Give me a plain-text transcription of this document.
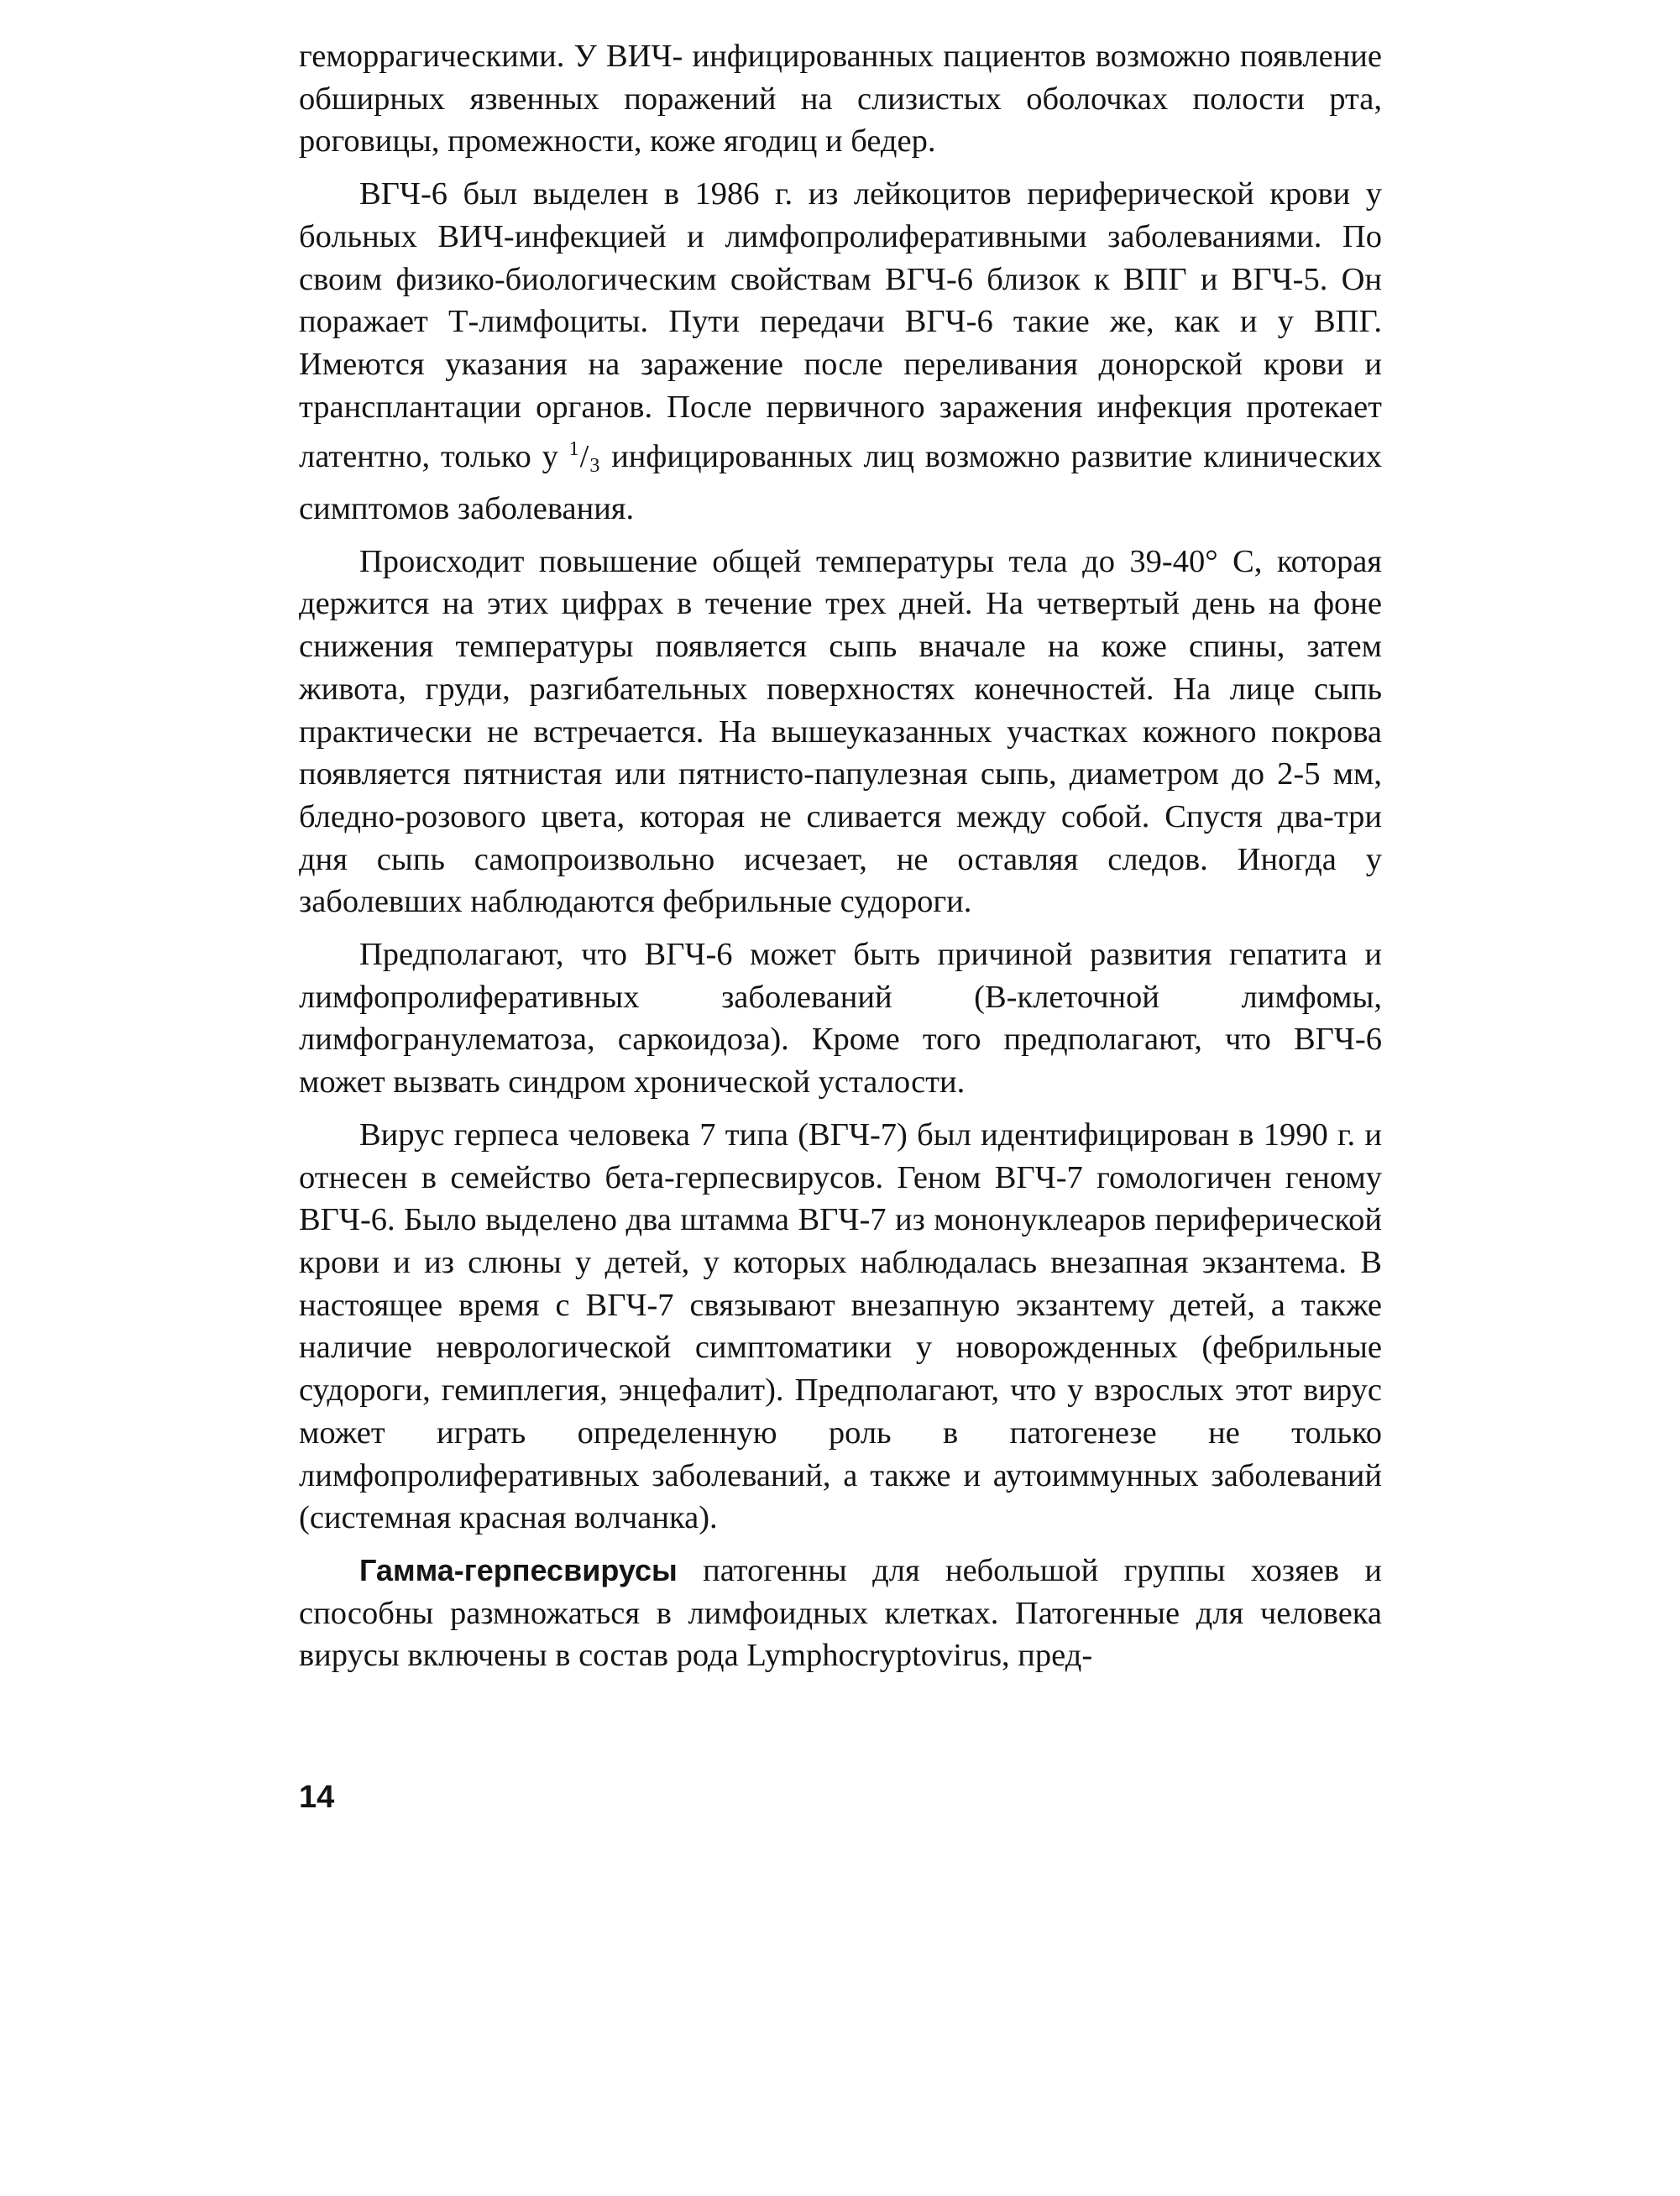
геморрагическими. У ВИЧ- инфицированных пациентов возможно появление обширных язвенных поражений на слизистых оболочках полости рта, роговицы, промежности, коже ягодиц и бедер.

ВГЧ-6 был выделен в 1986 г. из лейкоцитов периферической крови у больных ВИЧ-инфекцией и лимфопролиферативными заболеваниями. По своим физико-биологическим свойствам ВГЧ-6 близок к ВПГ и ВГЧ-5. Он поражает Т-лимфоциты. Пути передачи ВГЧ-6 такие же, как и у ВПГ. Имеются указания на заражение после переливания донорской крови и трансплантации органов. После первичного заражения инфекция протекает латентно, только у $^1/_3$ инфицированных лиц возможно развитие клинических симптомов заболевания.

Происходит повышение общей температуры тела до 39-40° С, которая держится на этих цифрах в течение трех дней. На четвертый день на фоне снижения температуры появляется сыпь вначале на коже спины, затем живота, груди, разгибательных поверхностях конечностей. На лице сыпь практически не встречается. На вышеуказанных участках кожного покрова появляется пятнистая или пятнисто-папулезная сыпь, диаметром до 2-5 мм, бледно-розового цвета, которая не сливается между собой. Спустя два-три дня сыпь самопроизвольно исчезает, не оставляя следов. Иногда у заболевших наблюдаются фебрильные судороги.

Предполагают, что ВГЧ-6 может быть причиной развития гепатита и лимфопролиферативных заболеваний (В-клеточной лимфомы, лимфогранулематоза, саркоидоза). Кроме того предполагают, что ВГЧ-6 может вызвать синдром хронической усталости.

Вирус герпеса человека 7 типа (ВГЧ-7) был идентифицирован в 1990 г. и отнесен в семейство бета-герпесвирусов. Геном ВГЧ-7 гомологичен геному ВГЧ-6. Было выделено два штамма ВГЧ-7 из мононуклеаров периферической крови и из слюны у детей, у которых наблюдалась внезапная экзантема. В настоящее время с ВГЧ-7 связывают внезапную экзантему детей, а также наличие неврологической симптоматики у новорожденных (фебрильные судороги, гемиплегия, энцефалит). Предполагают, что у взрослых этот вирус может играть определенную роль в патогенезе не только лимфопролиферативных заболеваний, а также и аутоиммунных заболеваний (системная красная волчанка).

Гамма-герпесвирусы патогенны для небольшой группы хозяев и способны размножаться в лимфоидных клетках. Патогенные для человека вирусы включены в состав рода Lymphocryptovirus, пред-

14
